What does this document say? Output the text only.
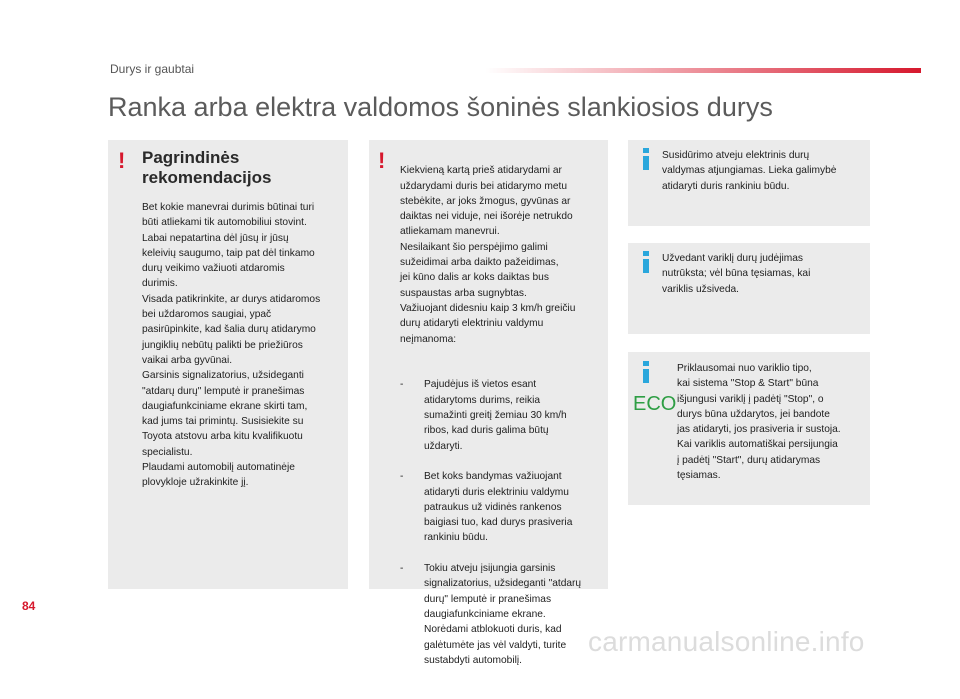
Durys ir gaubtai
Ranka arba elektra valdomos šoninės slankiosios durys
! Pagrindinės
rekomendacijos
Bet kokie manevrai durimis būtinai turi
būti atliekami tik automobiliui stovint.
Labai nepatartina dėl jūsų ir jūsų
keleivių saugumo, taip pat dėl tinkamo
durų veikimo važiuoti atdaromis
durimis.
Visada patikrinkite, ar durys atidaromos
bei uždaromos saugiai, ypač
pasirūpinkite, kad šalia durų atidarymo
jungiklių nebūtų palikti be priežiūros
vaikai arba gyvūnai.
Garsinis signalizatorius, užsideganti
"atdarų durų" lemputė ir pranešimas
daugiafunkciniame ekrane skirti tam,
kad jums tai primintų. Susisiekite su
Toyota atstovu arba kitu kvalifikuotu
specialistu.
Plaudami automobilį automatinėje
plovykloje užrakinkite jį.
! Kiekvieną kartą prieš atidarydami ar
uždarydami duris bei atidarymo metu
stebėkite, ar joks žmogus, gyvūnas ar
daiktas nei viduje, nei išorėje netrukdo
atliekamam manevrui.
Nesilaikant šio perspėjimo galimi
sužeidimai arba daikto pažeidimas,
jei kūno dalis ar koks daiktas bus
suspaustas arba sugnybtas.
Važiuojant didesniu kaip 3 km/h greičiu
durų atidaryti elektriniu valdymu
neįmanoma:

- Pajudėjus iš vietos esant
atidarytoms durims, reikia
sumažinti greitį žemiau 30 km/h
ribos, kad duris galima būtų
uždaryti.

- Bet koks bandymas važiuojant
atidaryti duris elektriniu valdymu
patraukus už vidinės rankenos
baigiasi tuo, kad durys prasiveria
rankiniu būdu.

- Tokiu atveju įsijungia garsinis
signalizatorius, užsideganti "atdarų
durų" lemputė ir pranešimas
daugiafunkciniame ekrane.
Norėdami atblokuoti duris, kad
galėtumėte jas vėl valdyti, turite
sustabdyti automobilį.

Susidūrimo atveju elektrinis durų
valdymas atjungiamas. Lieka galimybė
atidaryti duris rankiniu būdu.
Užvedant variklį durų judėjimas
nutrūksta; vėl būna tęsiamas, kai
variklis užsiveda.
ECO
Priklausomai nuo variklio tipo,
kai sistema "Stop & Start" būna
išjungusi variklį į padėtį "Stop", o
durys būna uždarytos, jei bandote
jas atidaryti, jos prasiveria ir sustoja.
Kai variklis automatiškai persijungia
į padėtį "Start", durų atidarymas
tęsiamas.
84
carmanualsonline.info
